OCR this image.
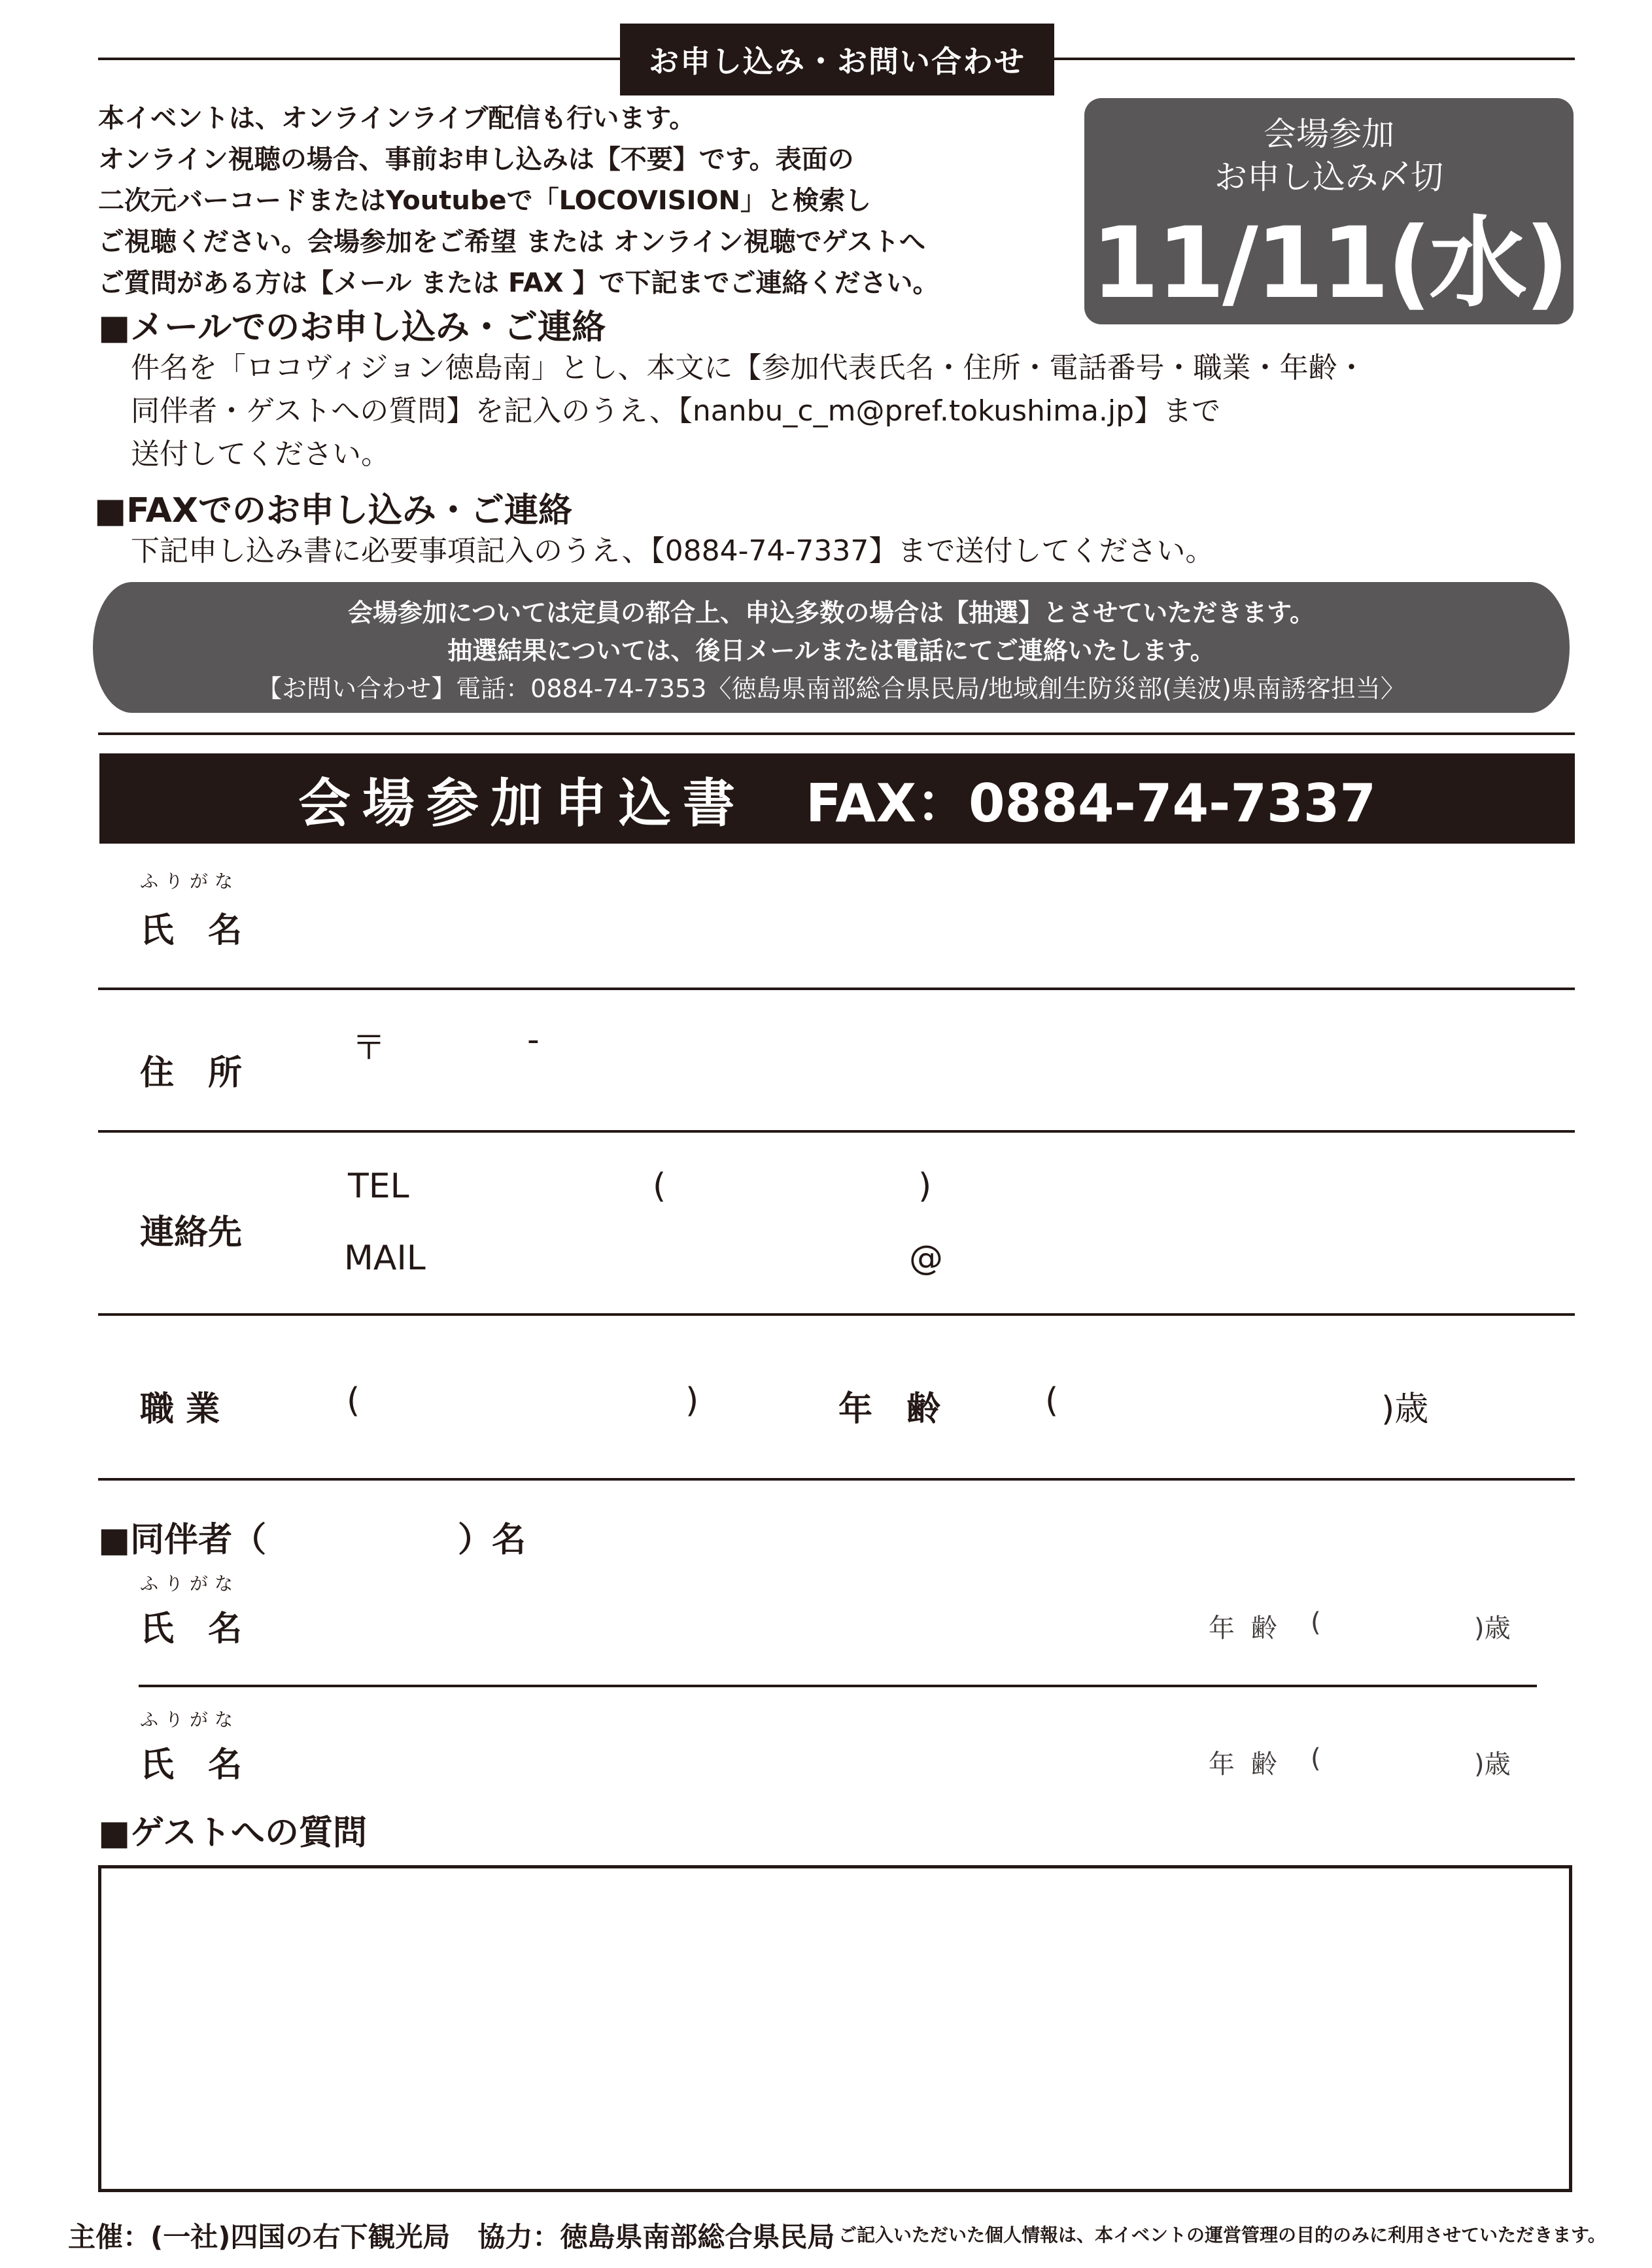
お申し込み・お問い合わせ
本イベントは、オンラインライブ配信も行います。
オンライン視聴の場合、事前お申し込みは【不要】です。表面の
二次元バーコードまたはYoutubeで「LOCOVISION」と検索し
ご視聴ください。会場参加をご希望 または オンライン視聴でゲストへ
ご質問がある方は【メール または FAX 】で下記までご連絡ください。
会場参加
お申し込み〆切
11/11(水)
■メールでのお申し込み・ご連絡
件名を「ロコヴィジョン徳島南」とし、本文に【参加代表氏名・住所・電話番号・職業・年齢・
同伴者・ゲストへの質問】を記入のうえ、【nanbu_c_m@pref.tokushima.jp】まで
送付してください。
■FAXでのお申し込み・ご連絡
下記申し込み書に必要事項記入のうえ、【0884-74-7337】まで送付してください。
会場参加については定員の都合上、申込多数の場合は【抽選】とさせていただきます。
抽選結果については、後日メールまたは電話にてご連絡いたします。
【お問い合わせ】電話：0884-74-7353〈徳島県南部総合県民局/地域創生防災部(美波)県南誘客担当〉
会場参加申込書 FAX：0884-74-7337
ふりがな
氏　名
〒	-
住　所
TEL	(	)
連絡先
MAIL	@
職 業	(	)	年　齢	(	)歳
■同伴者（	）名
ふりがな
氏　名	年 齢 (	)歳
ふりがな
氏　名	年 齢 (	)歳
■ゲストへの質問
主催：(一社)四国の右下観光局　協力：徳島県南部総合県民局 ご記入いただいた個人情報は、本イベントの運営管理の目的のみに利用させていただきます。
